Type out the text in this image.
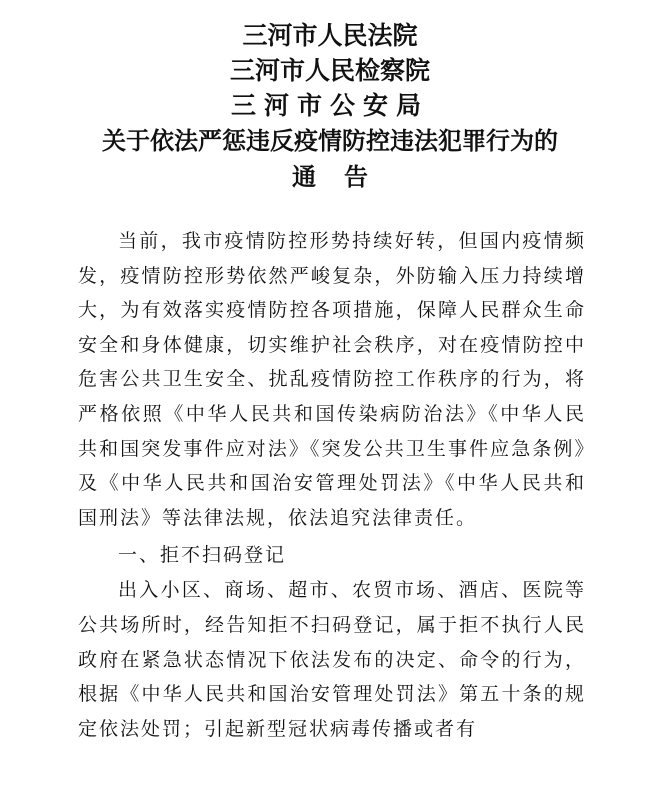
三河市人民法院
三河市人民检察院
三河市公安局
关于依法严惩违反疫情防控违法犯罪行为的
通告

当前，我市疫情防控形势持续好转，但国内疫情频发，疫情防控形势依然严峻复杂，外防输入压力持续增大，为有效落实疫情防控各项措施，保障人民群众生命安全和身体健康，切实维护社会秩序，对在疫情防控中危害公共卫生安全、扰乱疫情防控工作秩序的行为，将严格依照《中华人民共和国传染病防治法》《中华人民共和国突发事件应对法》《突发公共卫生事件应急条例》及《中华人民共和国治安管理处罚法》《中华人民共和国刑法》等法律法规，依法追究法律责任。

一、拒不扫码登记

出入小区、商场、超市、农贸市场、酒店、医院等公共场所时，经告知拒不扫码登记，属于拒不执行人民政府在紧急状态情况下依法发布的决定、命令的行为，根据《中华人民共和国治安管理处罚法》第五十条的规定依法处罚；引起新型冠状病毒传播或者有
